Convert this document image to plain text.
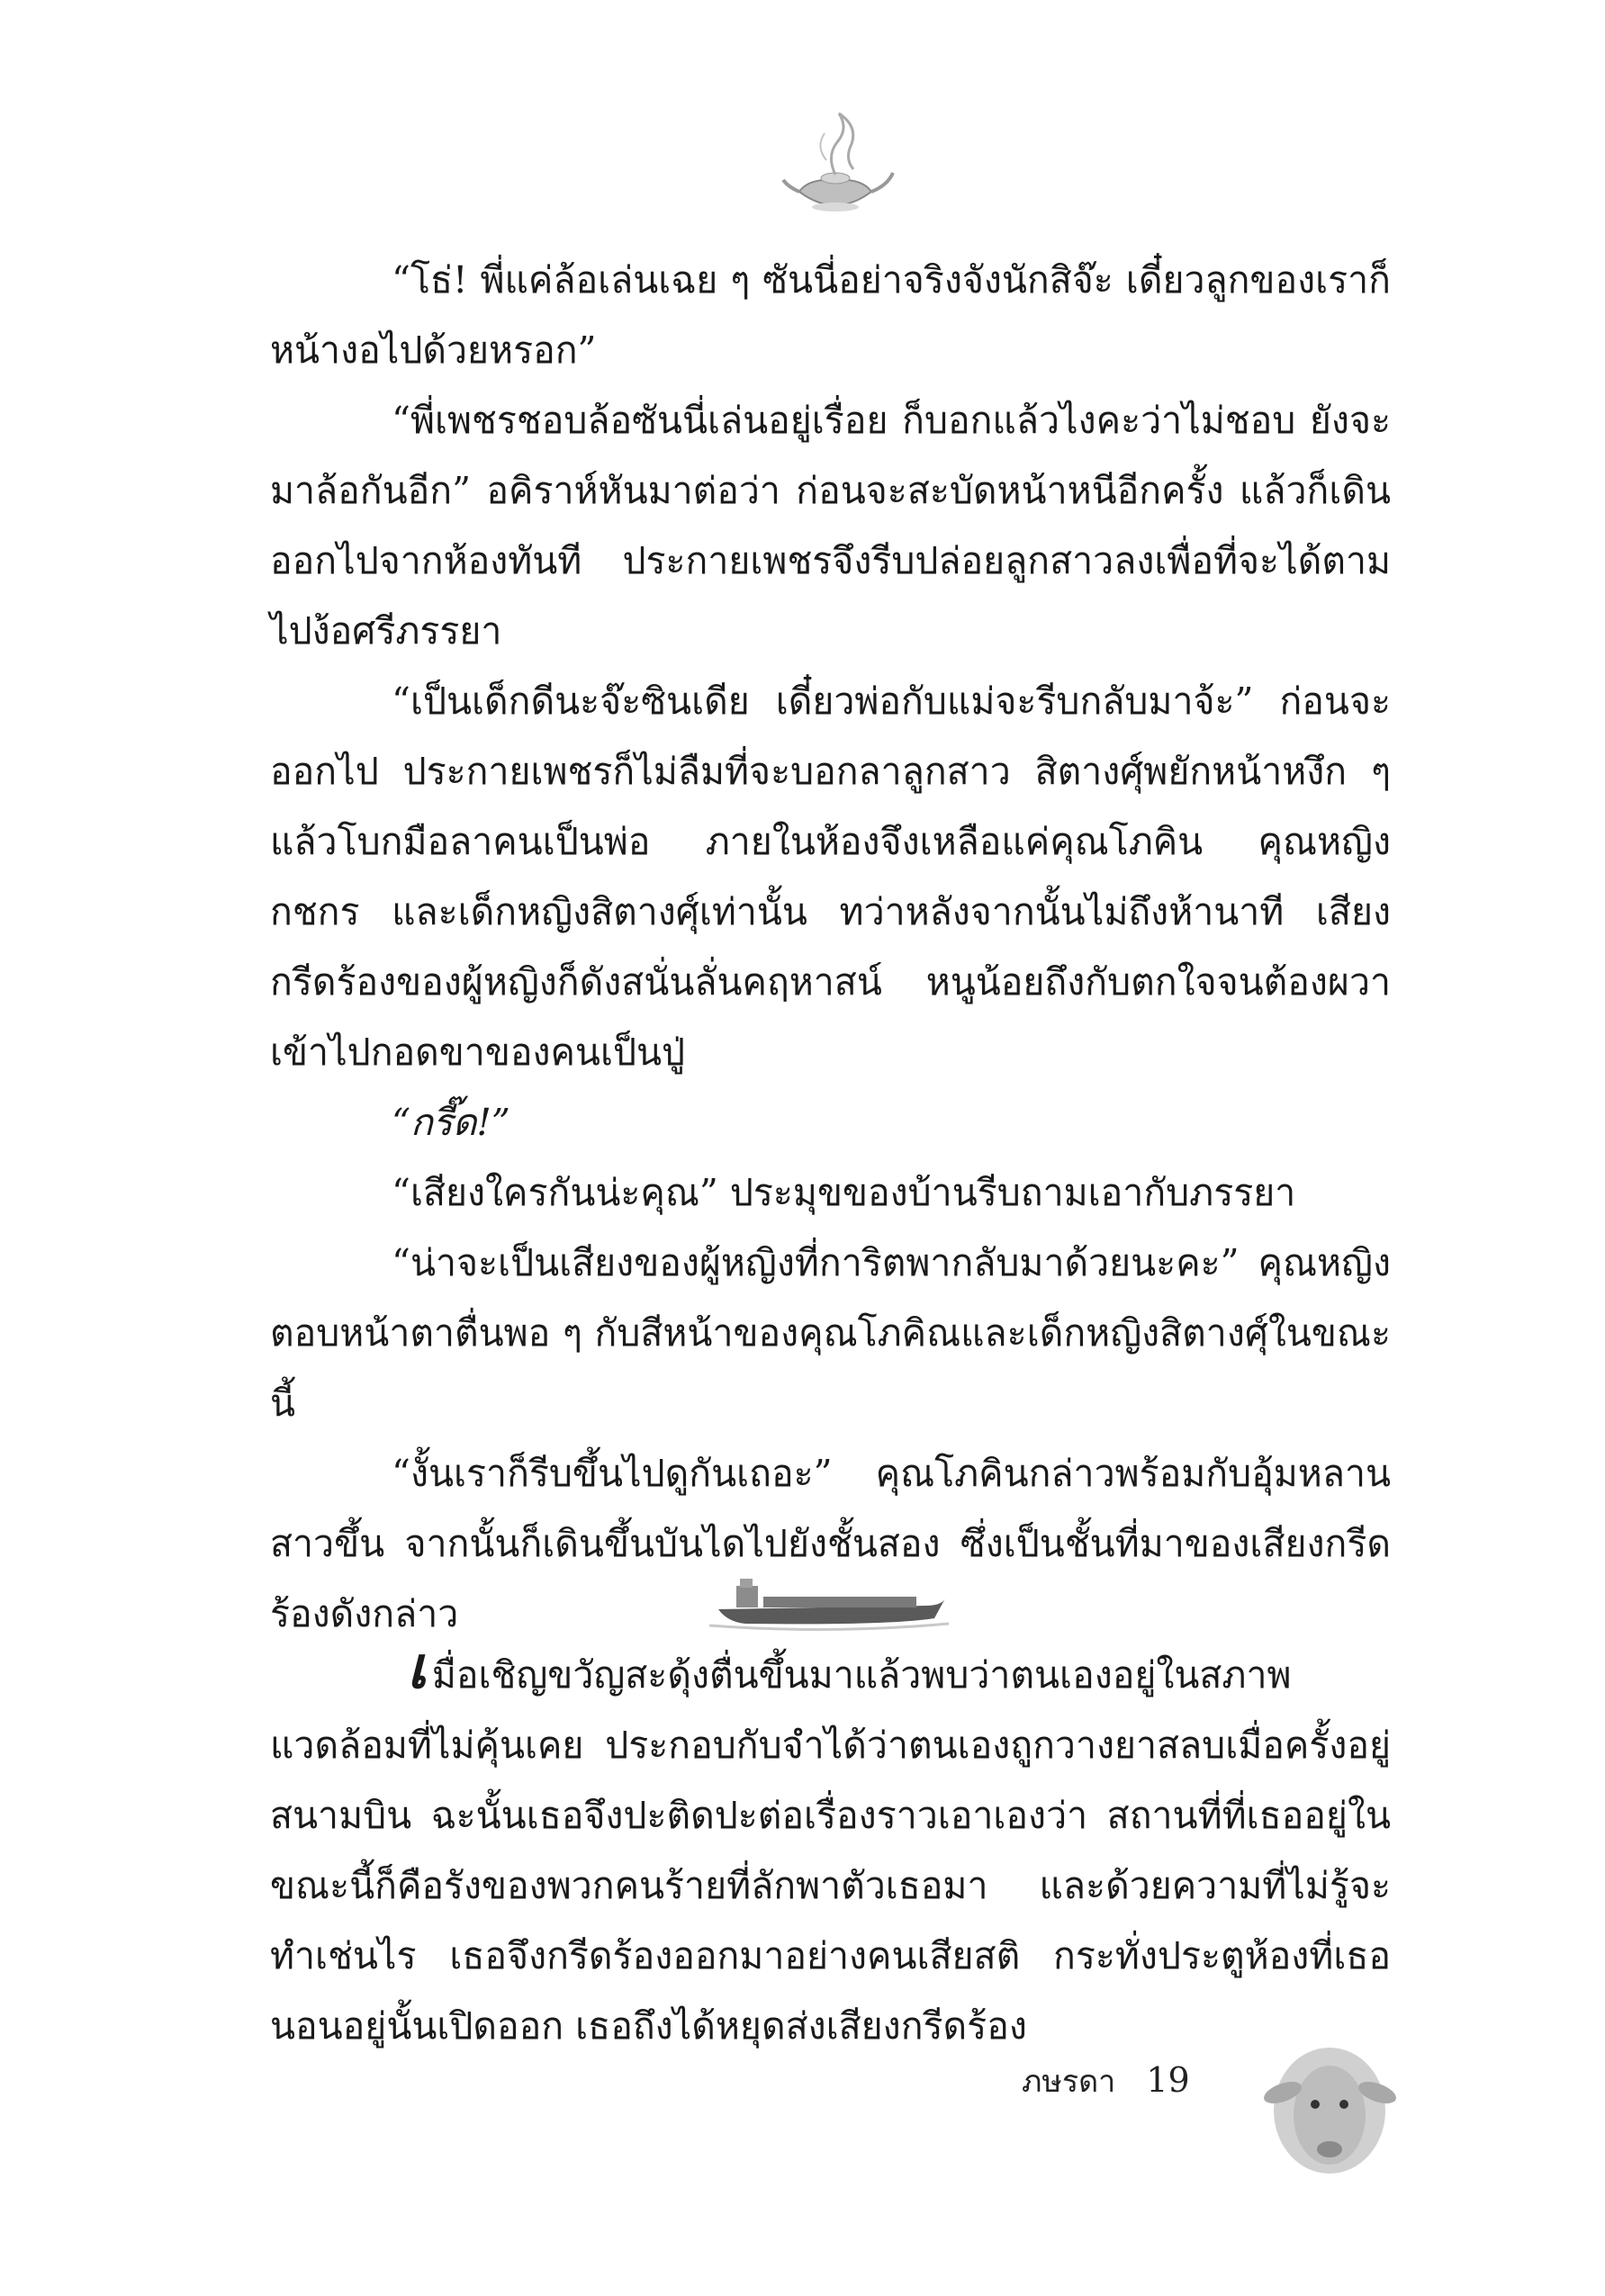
“โธ่! พี่แค่ล้อเล่นเฉย ๆ ซันนี่อย่าจริงจังนักสิจ๊ะ เดี๋ยวลูกของเราก็หน้างอไปด้วยหรอก”

“พี่เพชรชอบล้อซันนี่เล่นอยู่เรื่อย ก็บอกแล้วไงคะว่าไม่ชอบ ยังจะมาล้อกันอีก” อคิราห์หันมาต่อว่า ก่อนจะสะบัดหน้าหนีอีกครั้ง แล้วก็เดินออกไปจากห้องทันที ประกายเพชรจึงรีบปล่อยลูกสาวลงเพื่อที่จะได้ตามไปง้อศรีภรรยา

“เป็นเด็กดีนะจ๊ะซินเดีย เดี๋ยวพ่อกับแม่จะรีบกลับมาจ้ะ” ก่อนจะออกไป ประกายเพชรก็ไม่ลืมที่จะบอกลาลูกสาว สิตางศุ์พยักหน้าหงึก ๆ แล้วโบกมือลาคนเป็นพ่อ ภายในห้องจึงเหลือแค่คุณโภคิน คุณหญิงกชกร และเด็กหญิงสิตางศุ์เท่านั้น ทว่าหลังจากนั้นไม่ถึงห้านาที เสียงกรีดร้องของผู้หญิงก็ดังสนั่นลั่นคฤหาสน์ หนูน้อยถึงกับตกใจจนต้องผวาเข้าไปกอดขาของคนเป็นปู่

“กรี๊ด!”

“เสียงใครกันน่ะคุณ” ประมุขของบ้านรีบถามเอากับภรรยา

“น่าจะเป็นเสียงของผู้หญิงที่การิตพากลับมาด้วยนะคะ” คุณหญิงตอบหน้าตาตื่นพอ ๆ กับสีหน้าของคุณโภคิณและเด็กหญิงสิตางศุ์ในขณะนี้

“งั้นเราก็รีบขึ้นไปดูกันเถอะ” คุณโภคินกล่าวพร้อมกับอุ้มหลานสาวขึ้น จากนั้นก็เดินขึ้นบันไดไปยังชั้นสอง ซึ่งเป็นชั้นที่มาของเสียงกรีดร้องดังกล่าว

เมื่อเชิญขวัญสะดุ้งตื่นขึ้นมาแล้วพบว่าตนเองอยู่ในสภาพแวดล้อมที่ไม่คุ้นเคย ประกอบกับจำได้ว่าตนเองถูกวางยาสลบเมื่อครั้งอยู่สนามบิน ฉะนั้นเธอจึงปะติดปะต่อเรื่องราวเอาเองว่า สถานที่ที่เธออยู่ในขณะนี้ก็คือรังของพวกคนร้ายที่ลักพาตัวเธอมา และด้วยความที่ไม่รู้จะทำเช่นไร เธอจึงกรีดร้องออกมาอย่างคนเสียสติ กระทั่งประตูห้องที่เธอนอนอยู่นั้นเปิดออก เธอถึงได้หยุดส่งเสียงกรีดร้อง

ภษรดา 19
